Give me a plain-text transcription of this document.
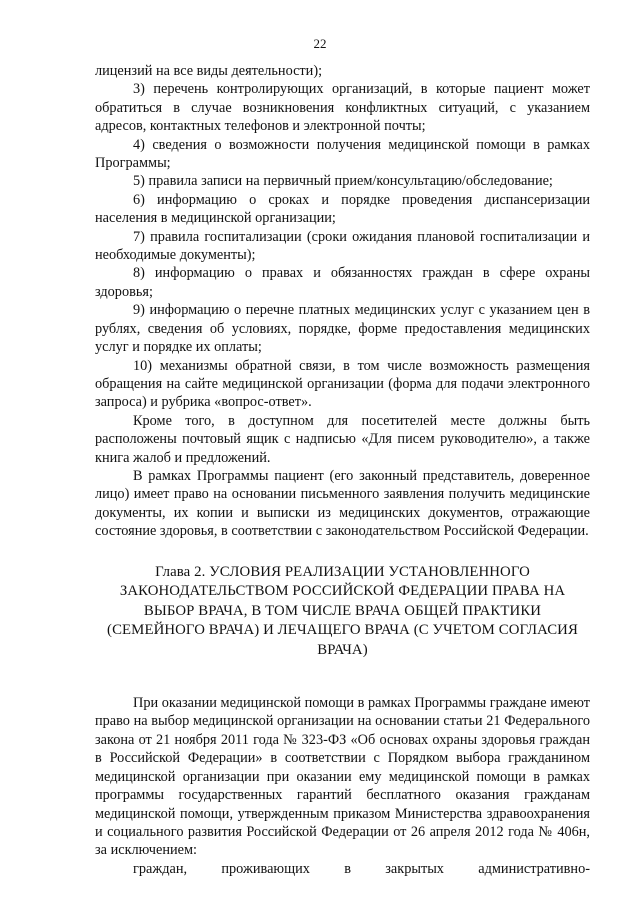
22

лицензий на все виды деятельности);

3) перечень контролирующих организаций, в которые пациент может обратиться в случае возникновения конфликтных ситуаций, с указанием адресов, контактных телефонов и электронной почты;

4) сведения о возможности получения медицинской помощи в рамках Программы;

5) правила записи на первичный прием/консультацию/обследование;

6) информацию о сроках и порядке проведения диспансеризации населения в медицинской организации;

7) правила госпитализации (сроки ожидания плановой госпитализации и необходимые документы);

8) информацию о правах и обязанностях граждан в сфере охраны здоровья;

9) информацию о перечне платных медицинских услуг с указанием цен в рублях, сведения об условиях, порядке, форме предоставления медицинских услуг и порядке их оплаты;

10) механизмы обратной связи, в том числе возможность размещения обращения на сайте медицинской организации (форма для подачи электронного запроса) и рубрика «вопрос-ответ».

Кроме того, в доступном для посетителей месте должны быть расположены почтовый ящик с надписью «Для писем руководителю», а также книга жалоб и предложений.

В рамках Программы пациент (его законный представитель, доверенное лицо) имеет право на основании письменного заявления получить медицинские документы, их копии и выписки из медицинских документов, отражающие состояние здоровья, в соответствии с законодательством Российской Федерации.

Глава 2. УСЛОВИЯ РЕАЛИЗАЦИИ УСТАНОВЛЕННОГО ЗАКОНОДАТЕЛЬСТВОМ РОССИЙСКОЙ ФЕДЕРАЦИИ ПРАВА НА ВЫБОР ВРАЧА, В ТОМ ЧИСЛЕ ВРАЧА ОБЩЕЙ ПРАКТИКИ (СЕМЕЙНОГО ВРАЧА) И ЛЕЧАЩЕГО ВРАЧА (С УЧЕТОМ СОГЛАСИЯ ВРАЧА)

При оказании медицинской помощи в рамках Программы граждане имеют право на выбор медицинской организации на основании статьи 21 Федерального закона от 21 ноября 2011 года № 323-ФЗ «Об основах охраны здоровья граждан в Российской Федерации» в соответствии с Порядком выбора гражданином медицинской организации при оказании ему медицинской помощи в рамках программы государственных гарантий бесплатного оказания гражданам медицинской помощи, утвержденным приказом Министерства здравоохранения и социального развития Российской Федерации от 26 апреля 2012 года № 406н, за исключением:

граждан, проживающих в закрытых административно-
